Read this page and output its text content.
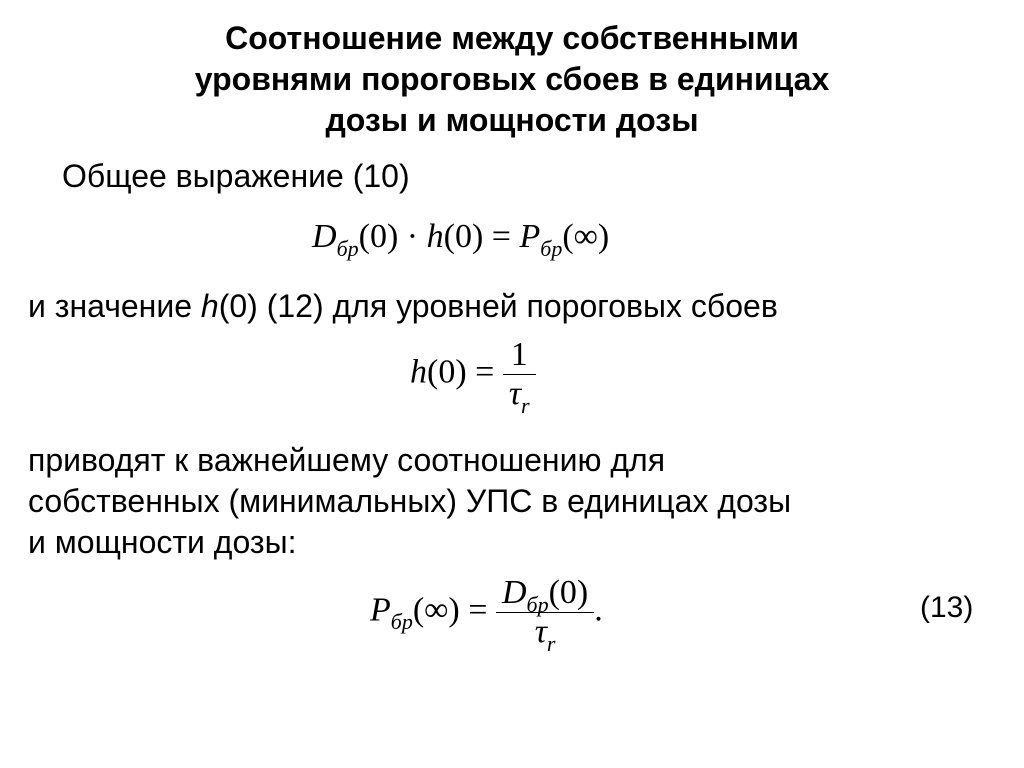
Соотношение между собственными
уровнями пороговых сбоев в единицах
дозы и мощности дозы
Общее выражение (10)
$D_{бр}(0) \cdot h(0) = P_{бр}(\infty)$
и значение h(0) (12) для уровней пороговых сбоев
$h(0) = \frac{1}{\tau_r}$
приводят к важнейшему соотношению для
собственных (минимальных) УПС в единицах дозы
и мощности дозы:
$P_{бр}(\infty) = \frac{D_{бр}(0)}{\tau_r}$ .	(13)
